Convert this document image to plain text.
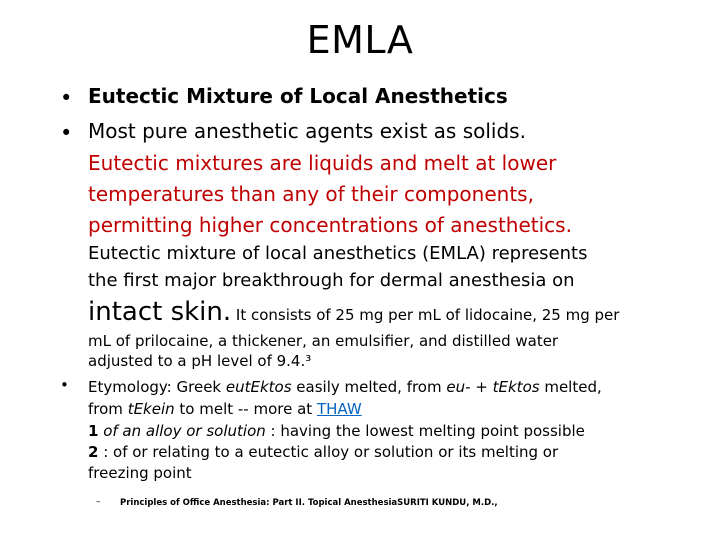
EMLA
• Eutectic Mixture of Local Anesthetics
• Most pure anesthetic agents exist as solids.
Eutectic mixtures are liquids and melt at lower
temperatures than any of their components,
permitting higher concentrations of anesthetics.
Eutectic mixture of local anesthetics (EMLA) represents
the first major breakthrough for dermal anesthesia on
intact skin. It consists of 25 mg per mL of lidocaine, 25 mg per
mL of prilocaine, a thickener, an emulsifier, and distilled water
adjusted to a pH level of 9.4.³
• Etymology: Greek eutEktos easily melted, from eu- + tEktos melted,
from tEkein to melt -- more at THAW
1 of an alloy or solution : having the lowest melting point possible
2 : of or relating to a eutectic alloy or solution or its melting or
freezing point
– Principles of Office Anesthesia: Part II. Topical AnesthesiaSURITI KUNDU, M.D.,
